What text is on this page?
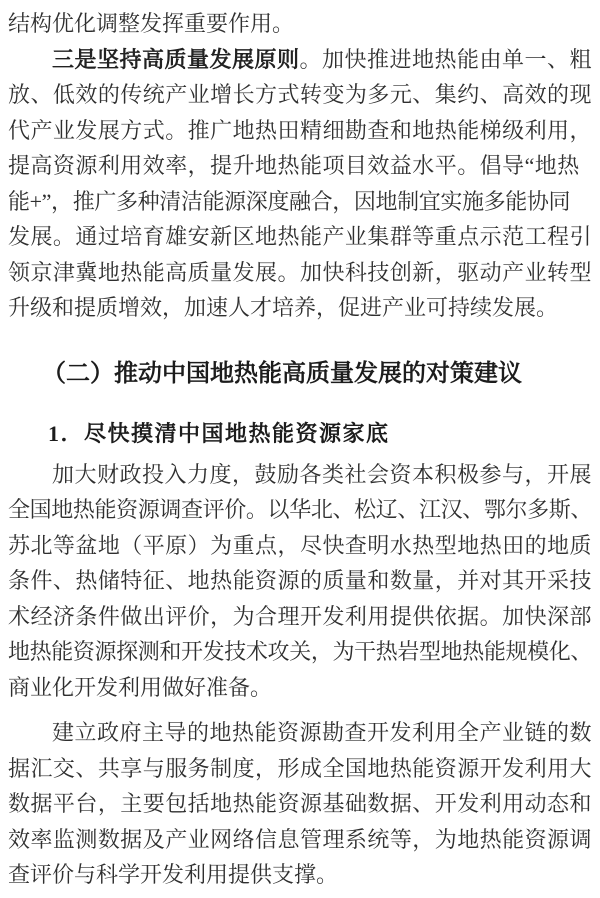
结构优化调整发挥重要作用。
三是坚持高质量发展原则。加快推进地热能由单一、粗
放、低效的传统产业增长方式转变为多元、集约、高效的现
代产业发展方式。推广地热田精细勘查和地热能梯级利用，
提高资源利用效率，提升地热能项目效益水平。倡导“地热
能+”，推广多种清洁能源深度融合，因地制宜实施多能协同
发展。通过培育雄安新区地热能产业集群等重点示范工程引
领京津冀地热能高质量发展。加快科技创新，驱动产业转型
升级和提质增效，加速人才培养，促进产业可持续发展。
（二）推动中国地热能高质量发展的对策建议
1．尽快摸清中国地热能资源家底
加大财政投入力度，鼓励各类社会资本积极参与，开展
全国地热能资源调查评价。以华北、松辽、江汉、鄂尔多斯、
苏北等盆地（平原）为重点，尽快查明水热型地热田的地质
条件、热储特征、地热能资源的质量和数量，并对其开采技
术经济条件做出评价，为合理开发利用提供依据。加快深部
地热能资源探测和开发技术攻关，为干热岩型地热能规模化、
商业化开发利用做好准备。
建立政府主导的地热能资源勘查开发利用全产业链的数
据汇交、共享与服务制度，形成全国地热能资源开发利用大
数据平台，主要包括地热能资源基础数据、开发利用动态和
效率监测数据及产业网络信息管理系统等，为地热能资源调
查评价与科学开发利用提供支撑。
